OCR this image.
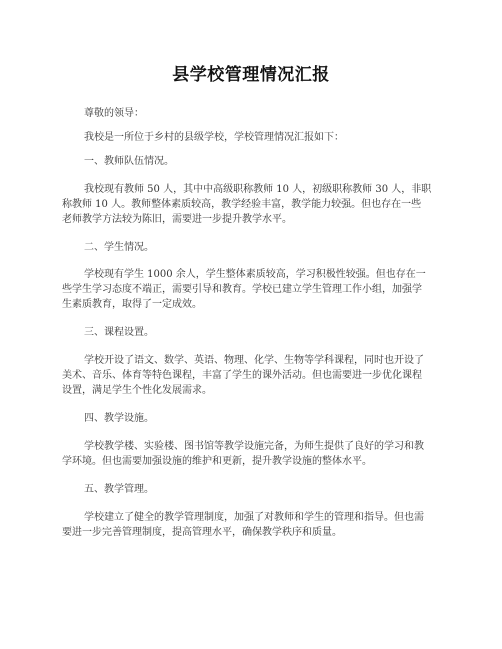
县学校管理情况汇报
尊敬的领导：
我校是一所位于乡村的县级学校，学校管理情况汇报如下：
一、教师队伍情况。
我校现有教师 50 人，其中中高级职称教师 10 人，初级职称教师 30 人，非职
称教师 10 人。教师整体素质较高，教学经验丰富，教学能力较强。但也存在一些
老师教学方法较为陈旧，需要进一步提升教学水平。
二、学生情况。
学校现有学生 1000 余人，学生整体素质较高，学习积极性较强。但也存在一
些学生学习态度不端正，需要引导和教育。学校已建立学生管理工作小组，加强学
生素质教育，取得了一定成效。
三、课程设置。
学校开设了语文、数学、英语、物理、化学、生物等学科课程，同时也开设了
美术、音乐、体育等特色课程，丰富了学生的课外活动。但也需要进一步优化课程
设置，满足学生个性化发展需求。
四、教学设施。
学校教学楼、实验楼、图书馆等教学设施完备，为师生提供了良好的学习和教
学环境。但也需要加强设施的维护和更新，提升教学设施的整体水平。
五、教学管理。
学校建立了健全的教学管理制度，加强了对教师和学生的管理和指导。但也需
要进一步完善管理制度，提高管理水平，确保教学秩序和质量。
